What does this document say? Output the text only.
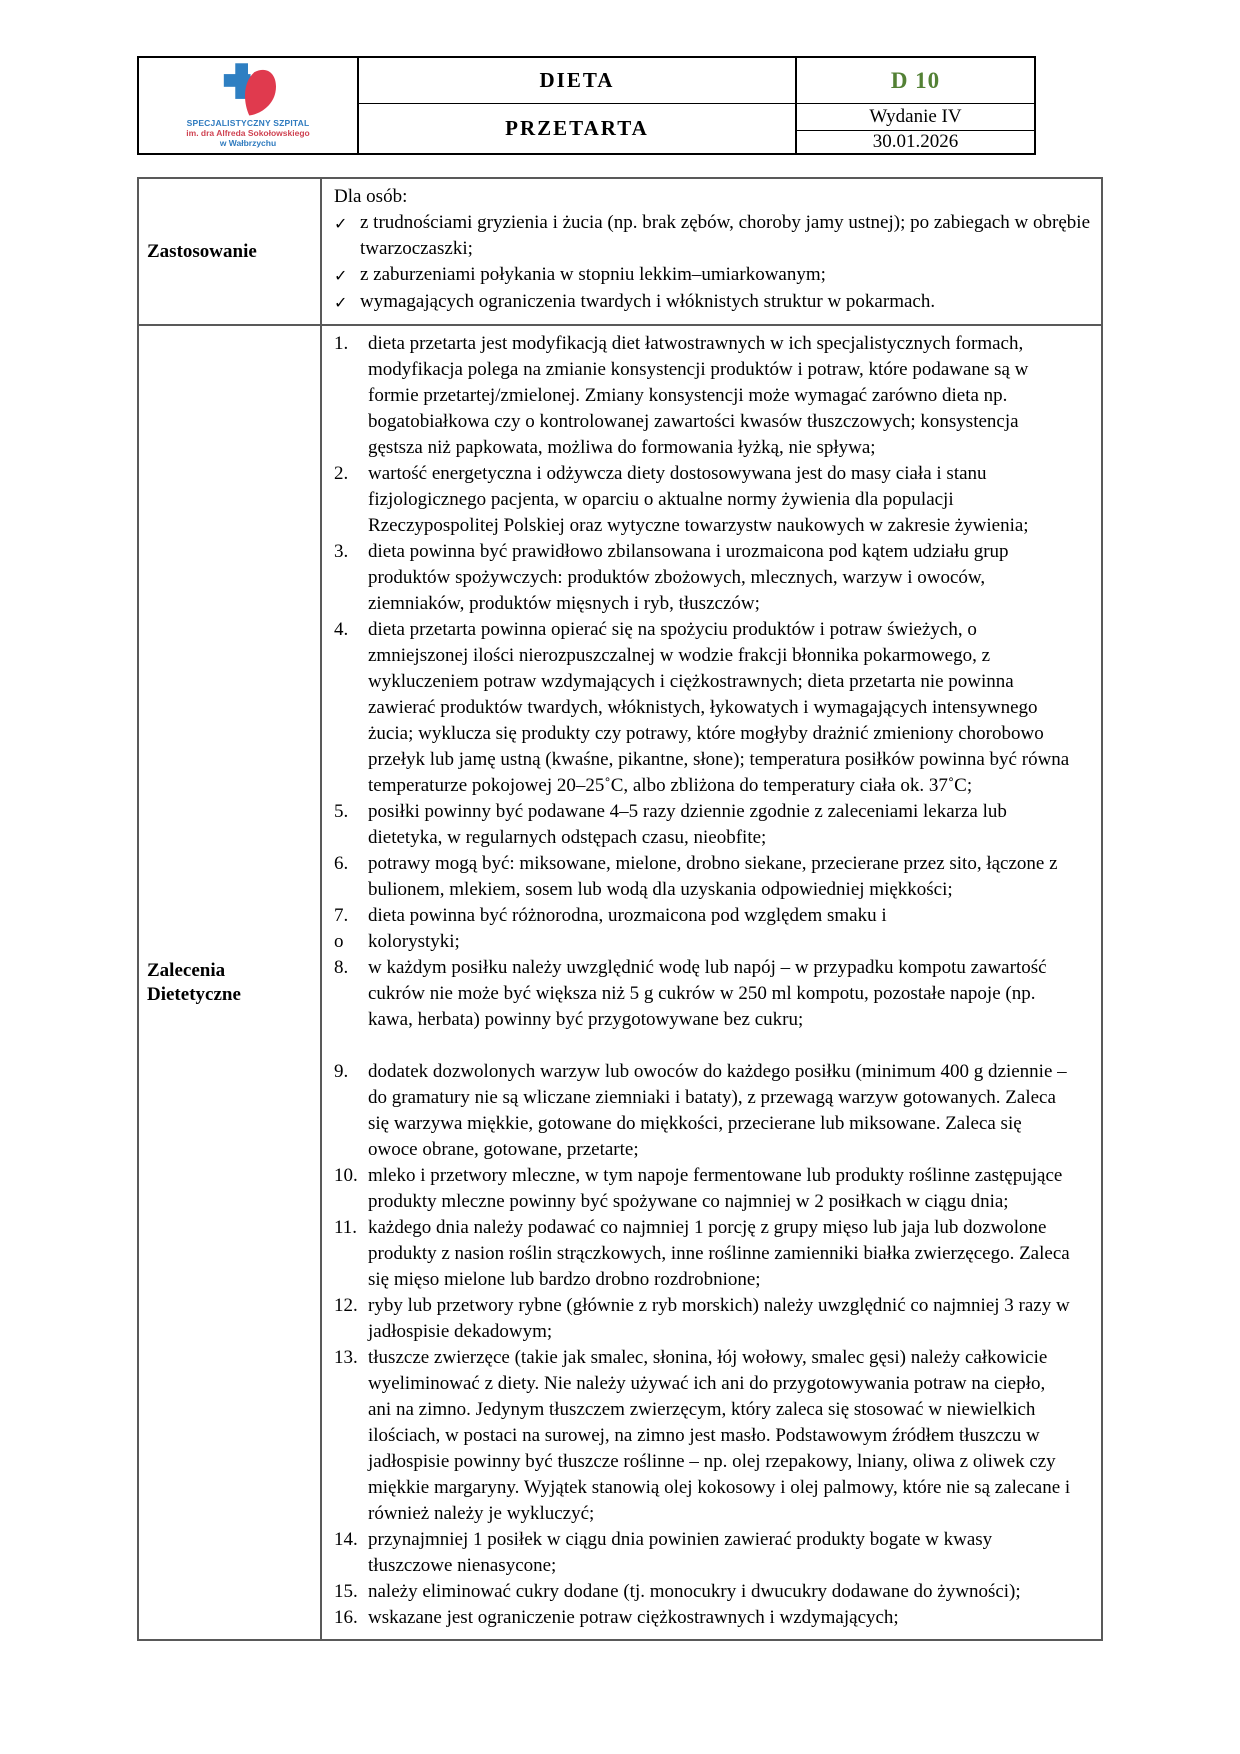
SPECJALISTYCZNY SZPITAL
im. dra Alfreda Sokołowskiego
w Wałbrzychu
DIETA
PRZETARTA
D 10
Wydanie IV
30.01.2026
Zastosowanie
Dla osób:
✓ z trudnościami gryzienia i żucia (np. brak zębów, choroby jamy ustnej); po zabiegach w obrębie twarzoczaszki;
✓ z zaburzeniami połykania w stopniu lekkim–umiarkowanym;
✓ wymagających ograniczenia twardych i włóknistych struktur w pokarmach.
Zalecenia Dietetyczne
1.	dieta przetarta jest modyfikacją diet łatwostrawnych w ich specjalistycznych formach, modyfikacja polega na zmianie konsystencji produktów i potraw, które podawane są w formie przetartej/zmielonej. Zmiany konsystencji może wymagać zarówno dieta np. bogatobiałkowa czy o kontrolowanej zawartości kwasów tłuszczowych; konsystencja gęstsza niż papkowata, możliwa do formowania łyżką, nie spływa;
2.	wartość energetyczna i odżywcza diety dostosowywana jest do masy ciała i stanu fizjologicznego pacjenta, w oparciu o aktualne normy żywienia dla populacji Rzeczypospolitej Polskiej oraz wytyczne towarzystw naukowych w zakresie żywienia;
3.	dieta powinna być prawidłowo zbilansowana i urozmaicona pod kątem udziału grup produktów spożywczych: produktów zbożowych, mlecznych, warzyw i owoców, ziemniaków, produktów mięsnych i ryb, tłuszczów;
4.	dieta przetarta powinna opierać się na spożyciu produktów i potraw świeżych, o zmniejszonej ilości nierozpuszczalnej w wodzie frakcji błonnika pokarmowego, z wykluczeniem potraw wzdymających i ciężkostrawnych; dieta przetarta nie powinna zawierać produktów twardych, włóknistych, łykowatych i wymagających intensywnego żucia; wyklucza się produkty czy potrawy, które mogłyby drażnić zmieniony chorobowo przełyk lub jamę ustną (kwaśne, pikantne, słone); temperatura posiłków powinna być równa temperaturze pokojowej 20–25˚C, albo zbliżona do temperatury ciała ok. 37˚C;
5.	posiłki powinny być podawane 4–5 razy dziennie zgodnie z zaleceniami lekarza lub dietetyka, w regularnych odstępach czasu, nieobfite;
6.	potrawy mogą być: miksowane, mielone, drobno siekane, przecierane przez sito, łączone z bulionem, mlekiem, sosem lub wodą dla uzyskania odpowiedniej miękkości;
7.	dieta powinna być różnorodna, urozmaicona pod względem smaku i
o	kolorystyki;
8.	w każdym posiłku należy uwzględnić wodę lub napój – w przypadku kompotu zawartość cukrów nie może być większa niż 5 g cukrów w 250 ml kompotu, pozostałe napoje (np. kawa, herbata) powinny być przygotowywane bez cukru;
9.	dodatek dozwolonych warzyw lub owoców do każdego posiłku (minimum 400 g dziennie – do gramatury nie są wliczane ziemniaki i bataty), z przewagą warzyw gotowanych. Zaleca się warzywa miękkie, gotowane do miękkości, przecierane lub miksowane. Zaleca się owoce obrane, gotowane, przetarte;
10. mleko i przetwory mleczne, w tym napoje fermentowane lub produkty roślinne zastępujące produkty mleczne powinny być spożywane co najmniej w 2 posiłkach w ciągu dnia;
11. każdego dnia należy podawać co najmniej 1 porcję z grupy mięso lub jaja lub dozwolone produkty z nasion roślin strączkowych, inne roślinne zamienniki białka zwierzęcego. Zaleca się mięso mielone lub bardzo drobno rozdrobnione;
12. ryby lub przetwory rybne (głównie z ryb morskich) należy uwzględnić co najmniej 3 razy w jadłospisie dekadowym;
13. tłuszcze zwierzęce (takie jak smalec, słonina, łój wołowy, smalec gęsi) należy całkowicie wyeliminować z diety. Nie należy używać ich ani do przygotowywania potraw na ciepło, ani na zimno. Jedynym tłuszczem zwierzęcym, który zaleca się stosować w niewielkich ilościach, w postaci na surowej, na zimno jest masło. Podstawowym źródłem tłuszczu w jadłospisie powinny być tłuszcze roślinne – np. olej rzepakowy, lniany, oliwa z oliwek czy miękkie margaryny. Wyjątek stanowią olej kokosowy i olej palmowy, które nie są zalecane i również należy je wykluczyć;
14. przynajmniej 1 posiłek w ciągu dnia powinien zawierać produkty bogate w kwasy tłuszczowe nienasycone;
15. należy eliminować cukry dodane (tj. monocukry i dwucukry dodawane do żywności);
16. wskazane jest ograniczenie potraw ciężkostrawnych i wzdymających;
